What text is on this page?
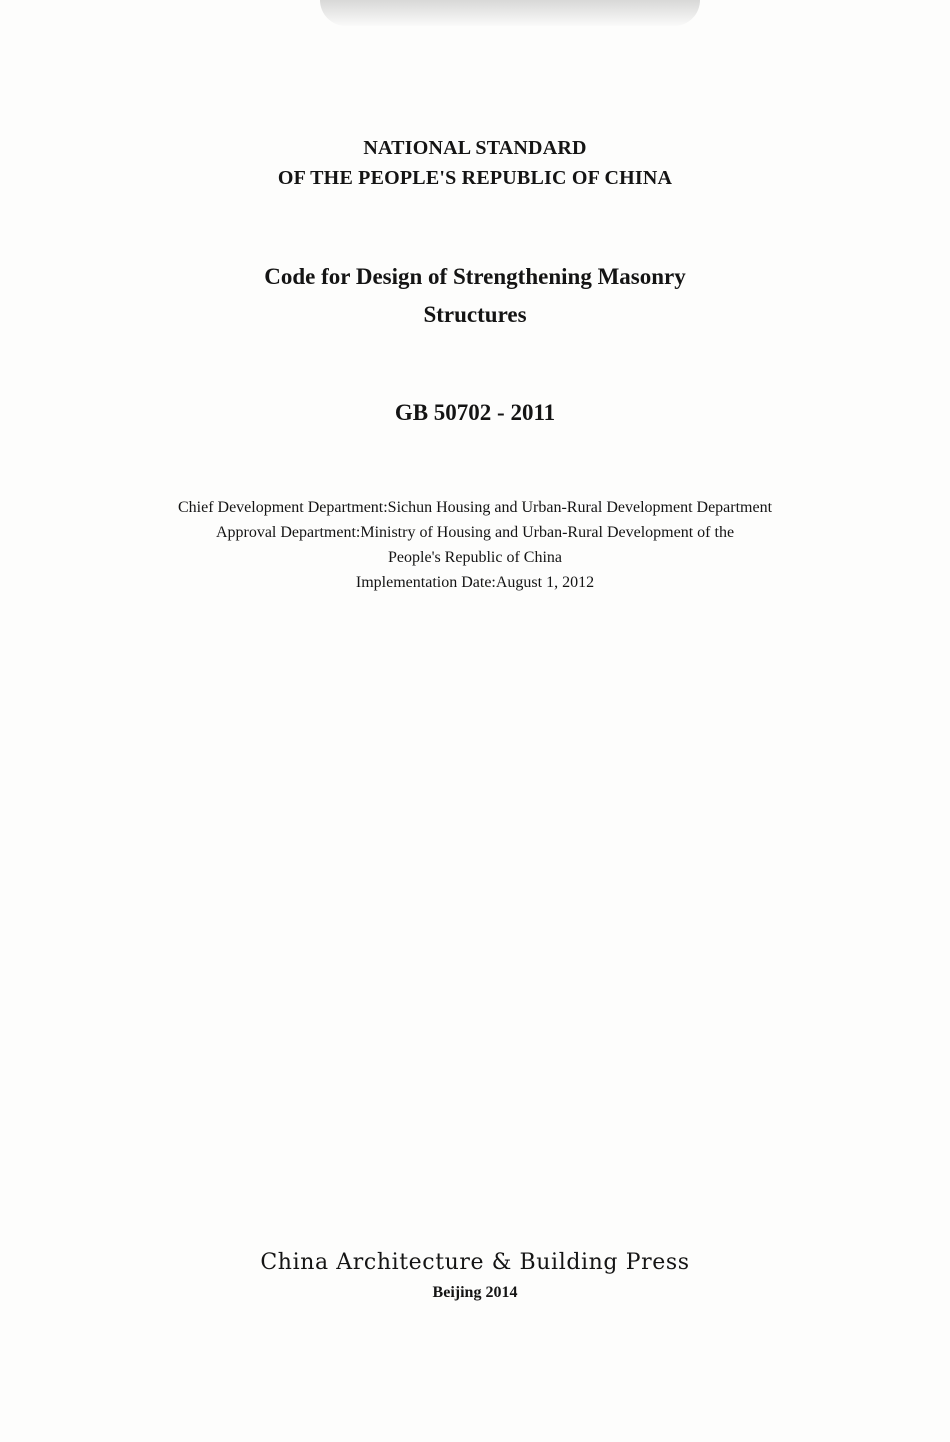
NATIONAL STANDARD
OF THE PEOPLE'S REPUBLIC OF CHINA
Code for Design of Strengthening Masonry
Structures
GB 50702 - 2011
Chief Development Department:Sichun Housing and Urban-Rural Development Department
Approval Department:Ministry of Housing and Urban-Rural Development of the
People's Republic of China
Implementation Date:August 1, 2012
China Architecture & Building Press
Beijing 2014
